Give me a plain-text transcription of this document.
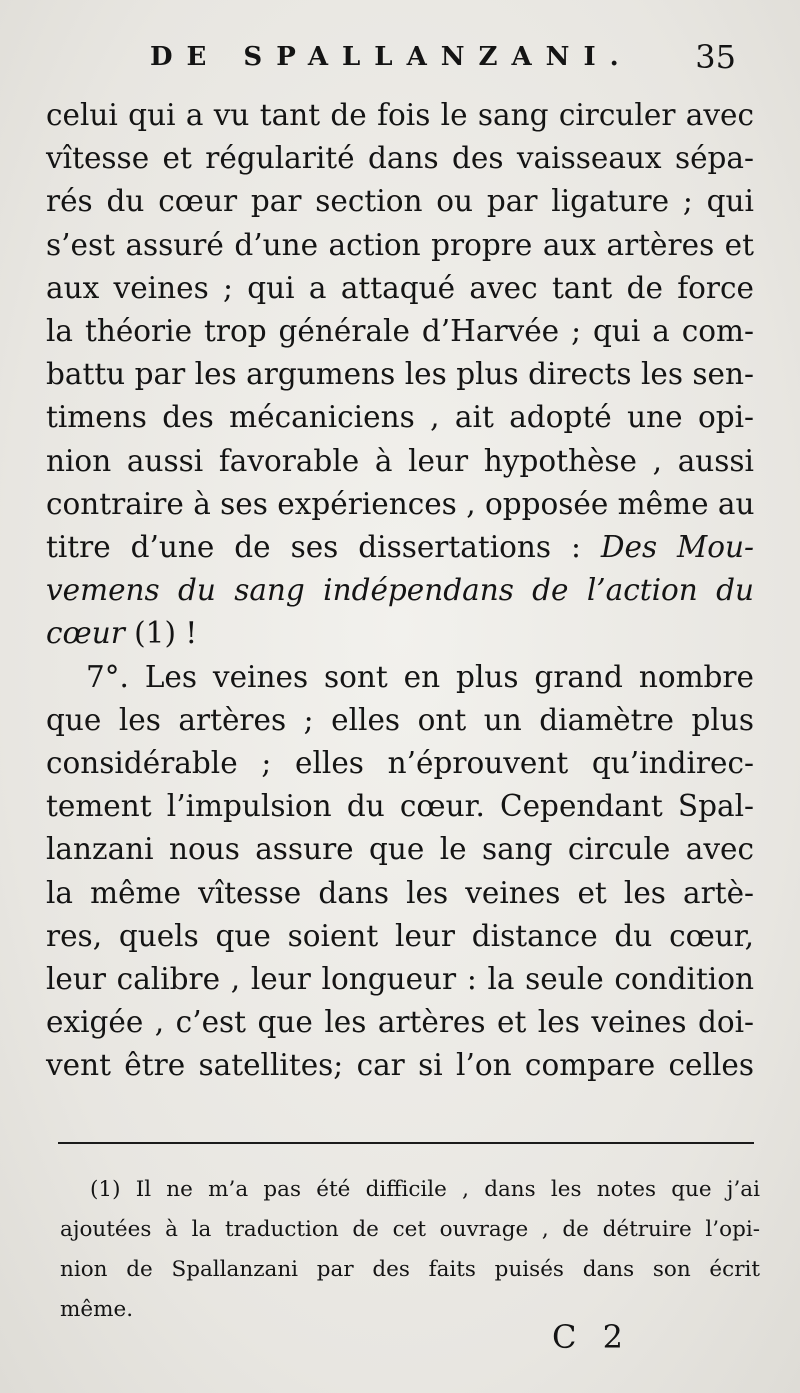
DE SPALLANZANI. 35
celui qui a vu tant de fois le sang circuler avec
vîtesse et régularité dans des vaisseaux sépa-
rés du cœur par section ou par ligature ; qui
s’est assuré d’une action propre aux artères et
aux veines ; qui a attaqué avec tant de force
la théorie trop générale d’Harvée ; qui a com-
battu par les argumens les plus directs les sen-
timens des mécaniciens , ait adopté une opi-
nion aussi favorable à leur hypothèse , aussi
contraire à ses expériences , opposée même au
titre d’une de ses dissertations : Des Mou-
vemens du sang indépendans de l’action du
cœur (1) !
7°. Les veines sont en plus grand nombre
que les artères ; elles ont un diamètre plus
considérable ; elles n’éprouvent qu’indirec-
tement l’impulsion du cœur. Cependant Spal-
lanzani nous assure que le sang circule avec
la même vîtesse dans les veines et les artè-
res, quels que soient leur distance du cœur,
leur calibre , leur longueur : la seule condition
exigée , c’est que les artères et les veines doi-
vent être satellites; car si l’on compare celles
(1) Il ne m’a pas été difficile , dans les notes que j’ai
ajoutées à la traduction de cet ouvrage , de détruire l’opi-
nion de Spallanzani par des faits puisés dans son écrit
même.
C 2
